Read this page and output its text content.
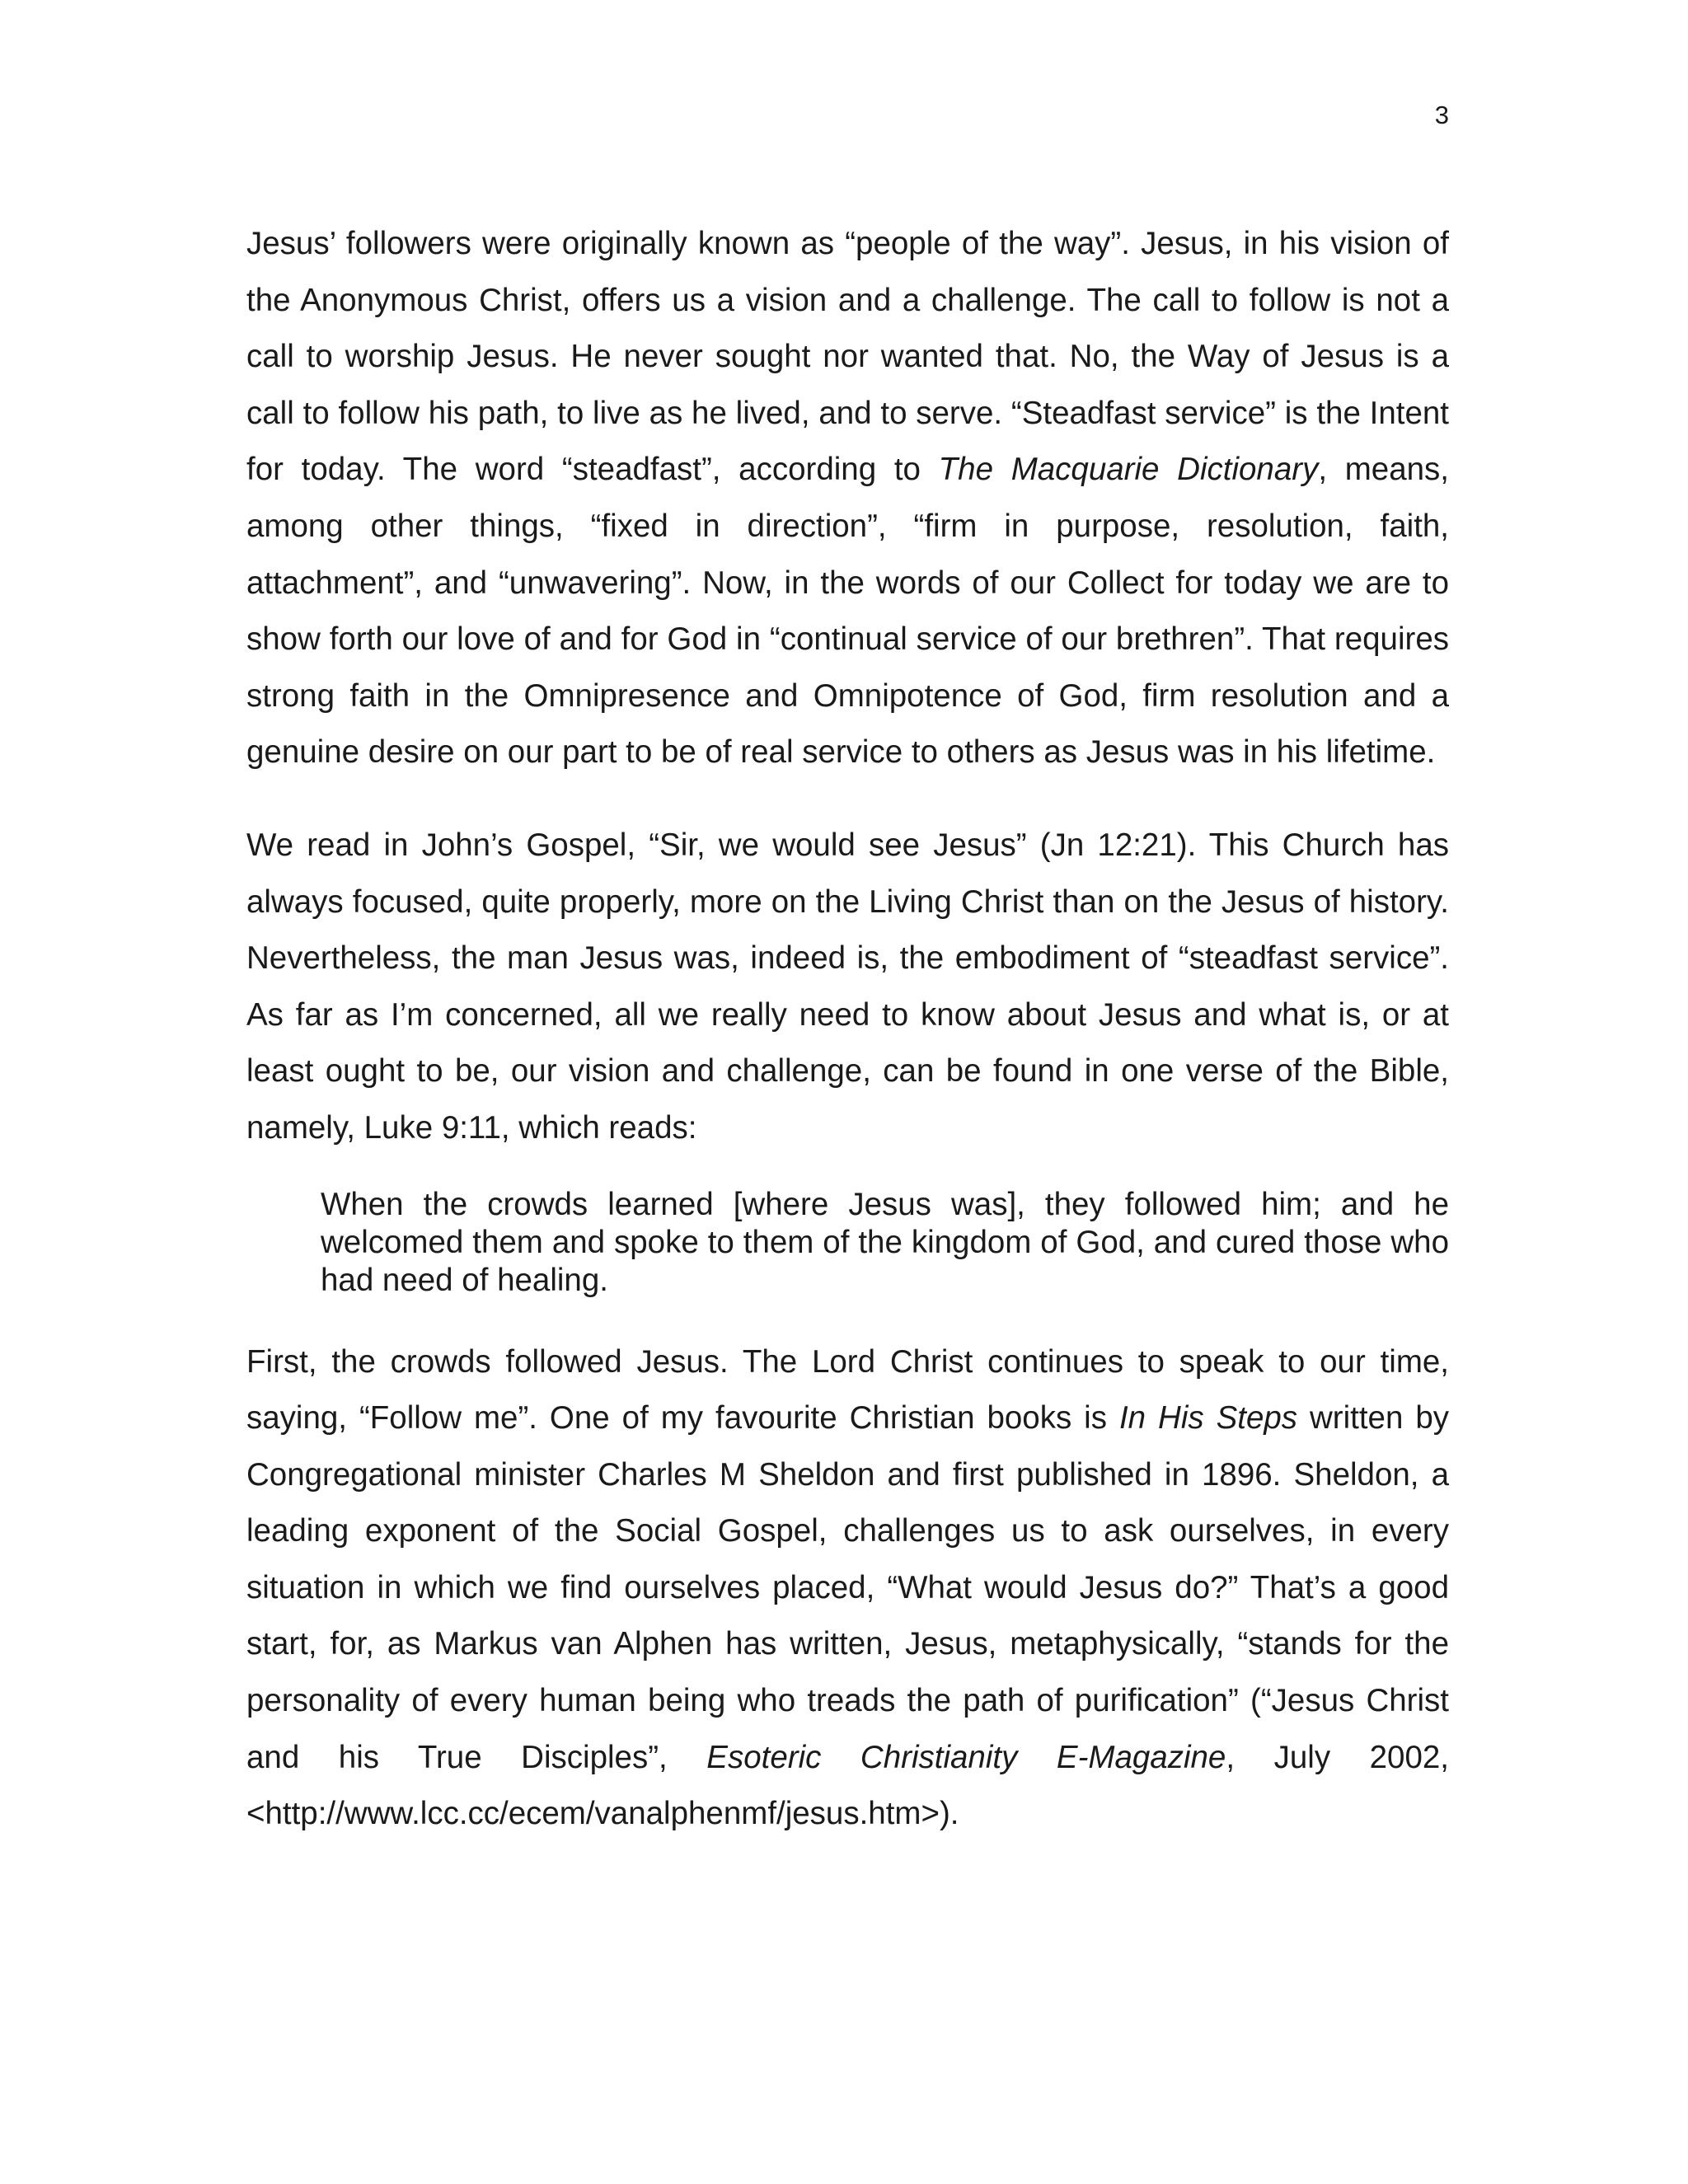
3

Jesus’ followers were originally known as “people of the way”. Jesus, in his vision of the Anonymous Christ, offers us a vision and a challenge. The call to follow is not a call to worship Jesus. He never sought nor wanted that. No, the Way of Jesus is a call to follow his path, to live as he lived, and to serve. “Steadfast service” is the Intent for today. The word “steadfast”, according to The Macquarie Dictionary, means, among other things, “fixed in direction”, “firm in purpose, resolution, faith, attachment”, and “unwavering”. Now, in the words of our Collect for today we are to show forth our love of and for God in “continual service of our brethren”. That requires strong faith in the Omnipresence and Omnipotence of God, firm resolution and a genuine desire on our part to be of real service to others as Jesus was in his lifetime.

We read in John’s Gospel, “Sir, we would see Jesus” (Jn 12:21). This Church has always focused, quite properly, more on the Living Christ than on the Jesus of history. Nevertheless, the man Jesus was, indeed is, the embodiment of “steadfast service”. As far as I’m concerned, all we really need to know about Jesus and what is, or at least ought to be, our vision and challenge, can be found in one verse of the Bible, namely, Luke 9:11, which reads:

When the crowds learned [where Jesus was], they followed him; and he welcomed them and spoke to them of the kingdom of God, and cured those who had need of healing.

First, the crowds followed Jesus. The Lord Christ continues to speak to our time, saying, “Follow me”. One of my favourite Christian books is In His Steps written by Congregational minister Charles M Sheldon and first published in 1896. Sheldon, a leading exponent of the Social Gospel, challenges us to ask ourselves, in every situation in which we find ourselves placed, “What would Jesus do?” That’s a good start, for, as Markus van Alphen has written, Jesus, metaphysically, “stands for the personality of every human being who treads the path of purification” (“Jesus Christ and his True Disciples”, Esoteric Christianity E-Magazine, July 2002, <http://www.lcc.cc/ecem/vanalphenmf/jesus.htm>).
